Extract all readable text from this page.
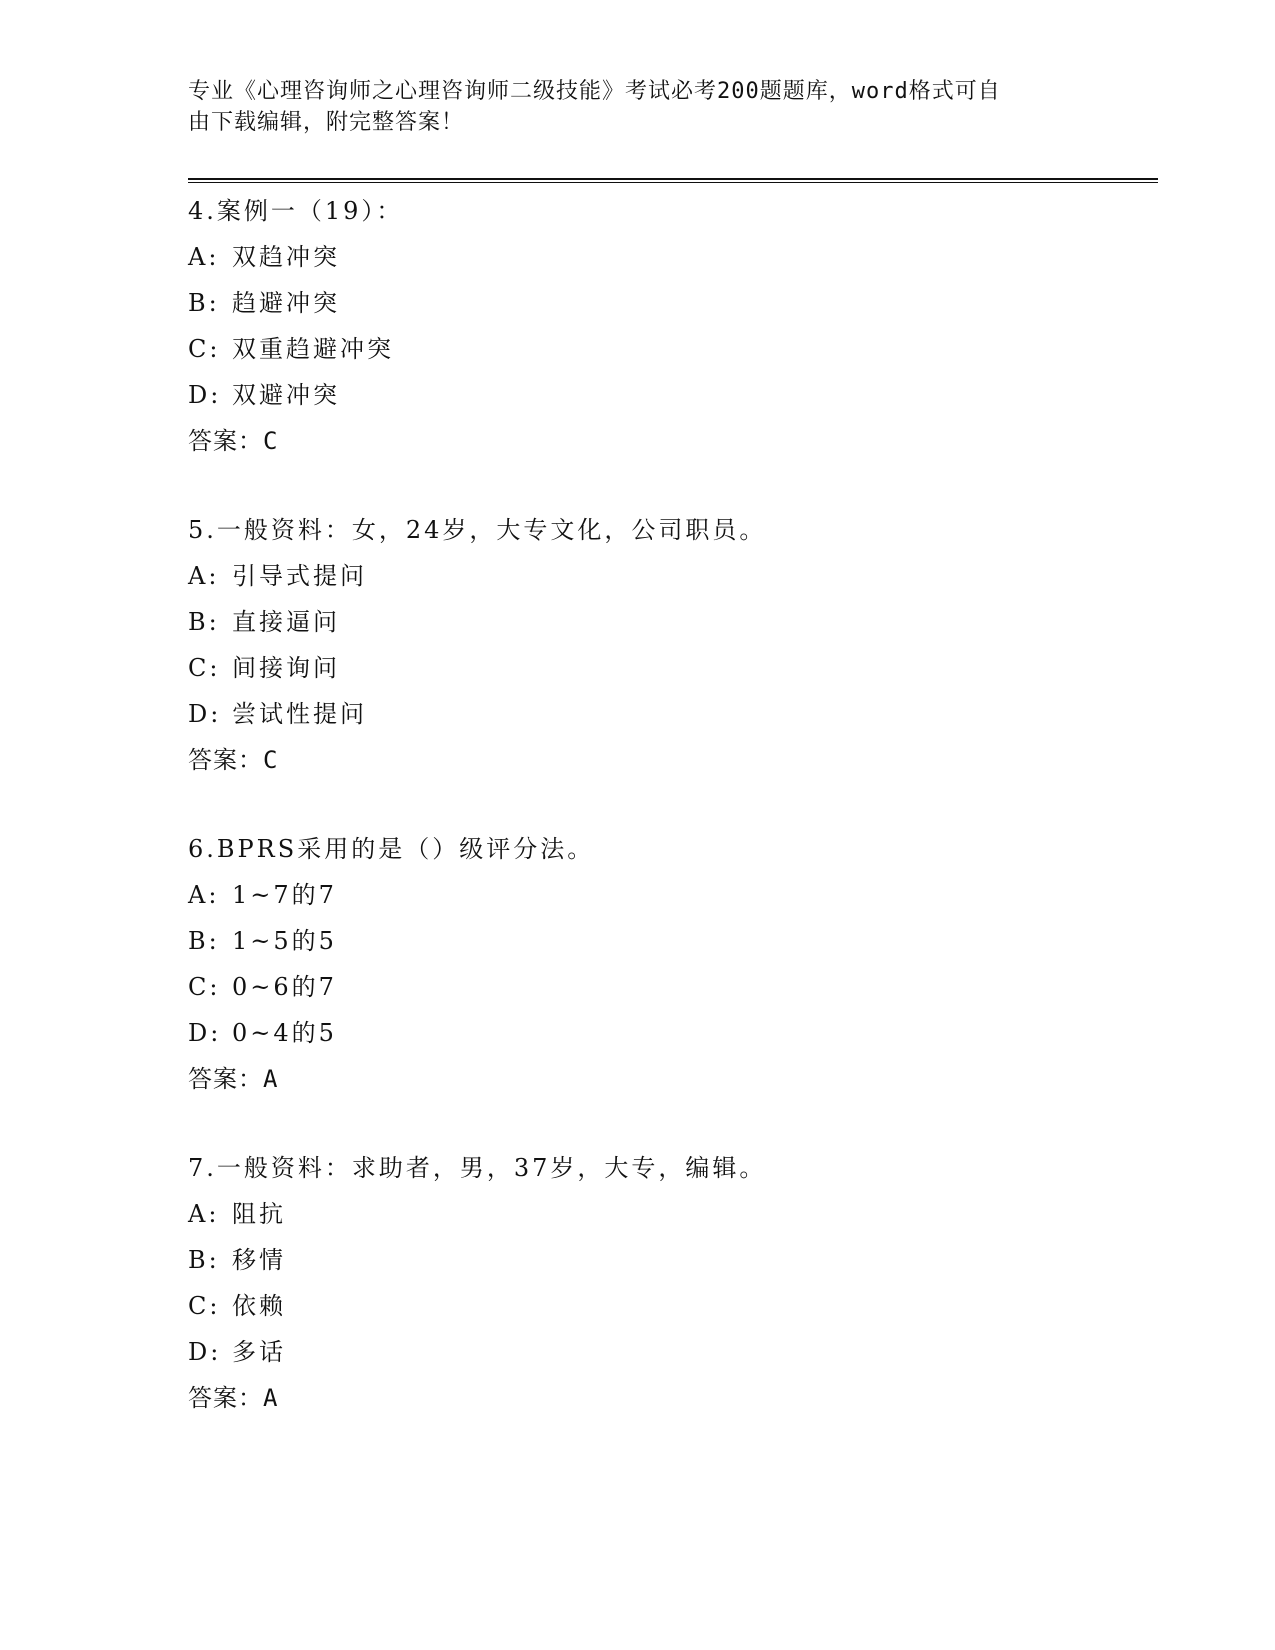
专业《心理咨询师之心理咨询师二级技能》考试必考200题题库，word格式可自
由下载编辑，附完整答案！
4.案例一（19）：
A: 双趋冲突
B: 趋避冲突
C: 双重趋避冲突
D: 双避冲突
答案：C
5.一般资料：女，24岁，大专文化，公司职员。
A: 引导式提问
B: 直接逼问
C: 间接询问
D: 尝试性提问
答案：C
6.BPRS采用的是（）级评分法。
A: 1~7的7
B: 1~5的5
C: 0~6的7
D: 0~4的5
答案：A
7.一般资料：求助者，男，37岁，大专，编辑。
A: 阻抗
B: 移情
C: 依赖
D: 多话
答案：A
